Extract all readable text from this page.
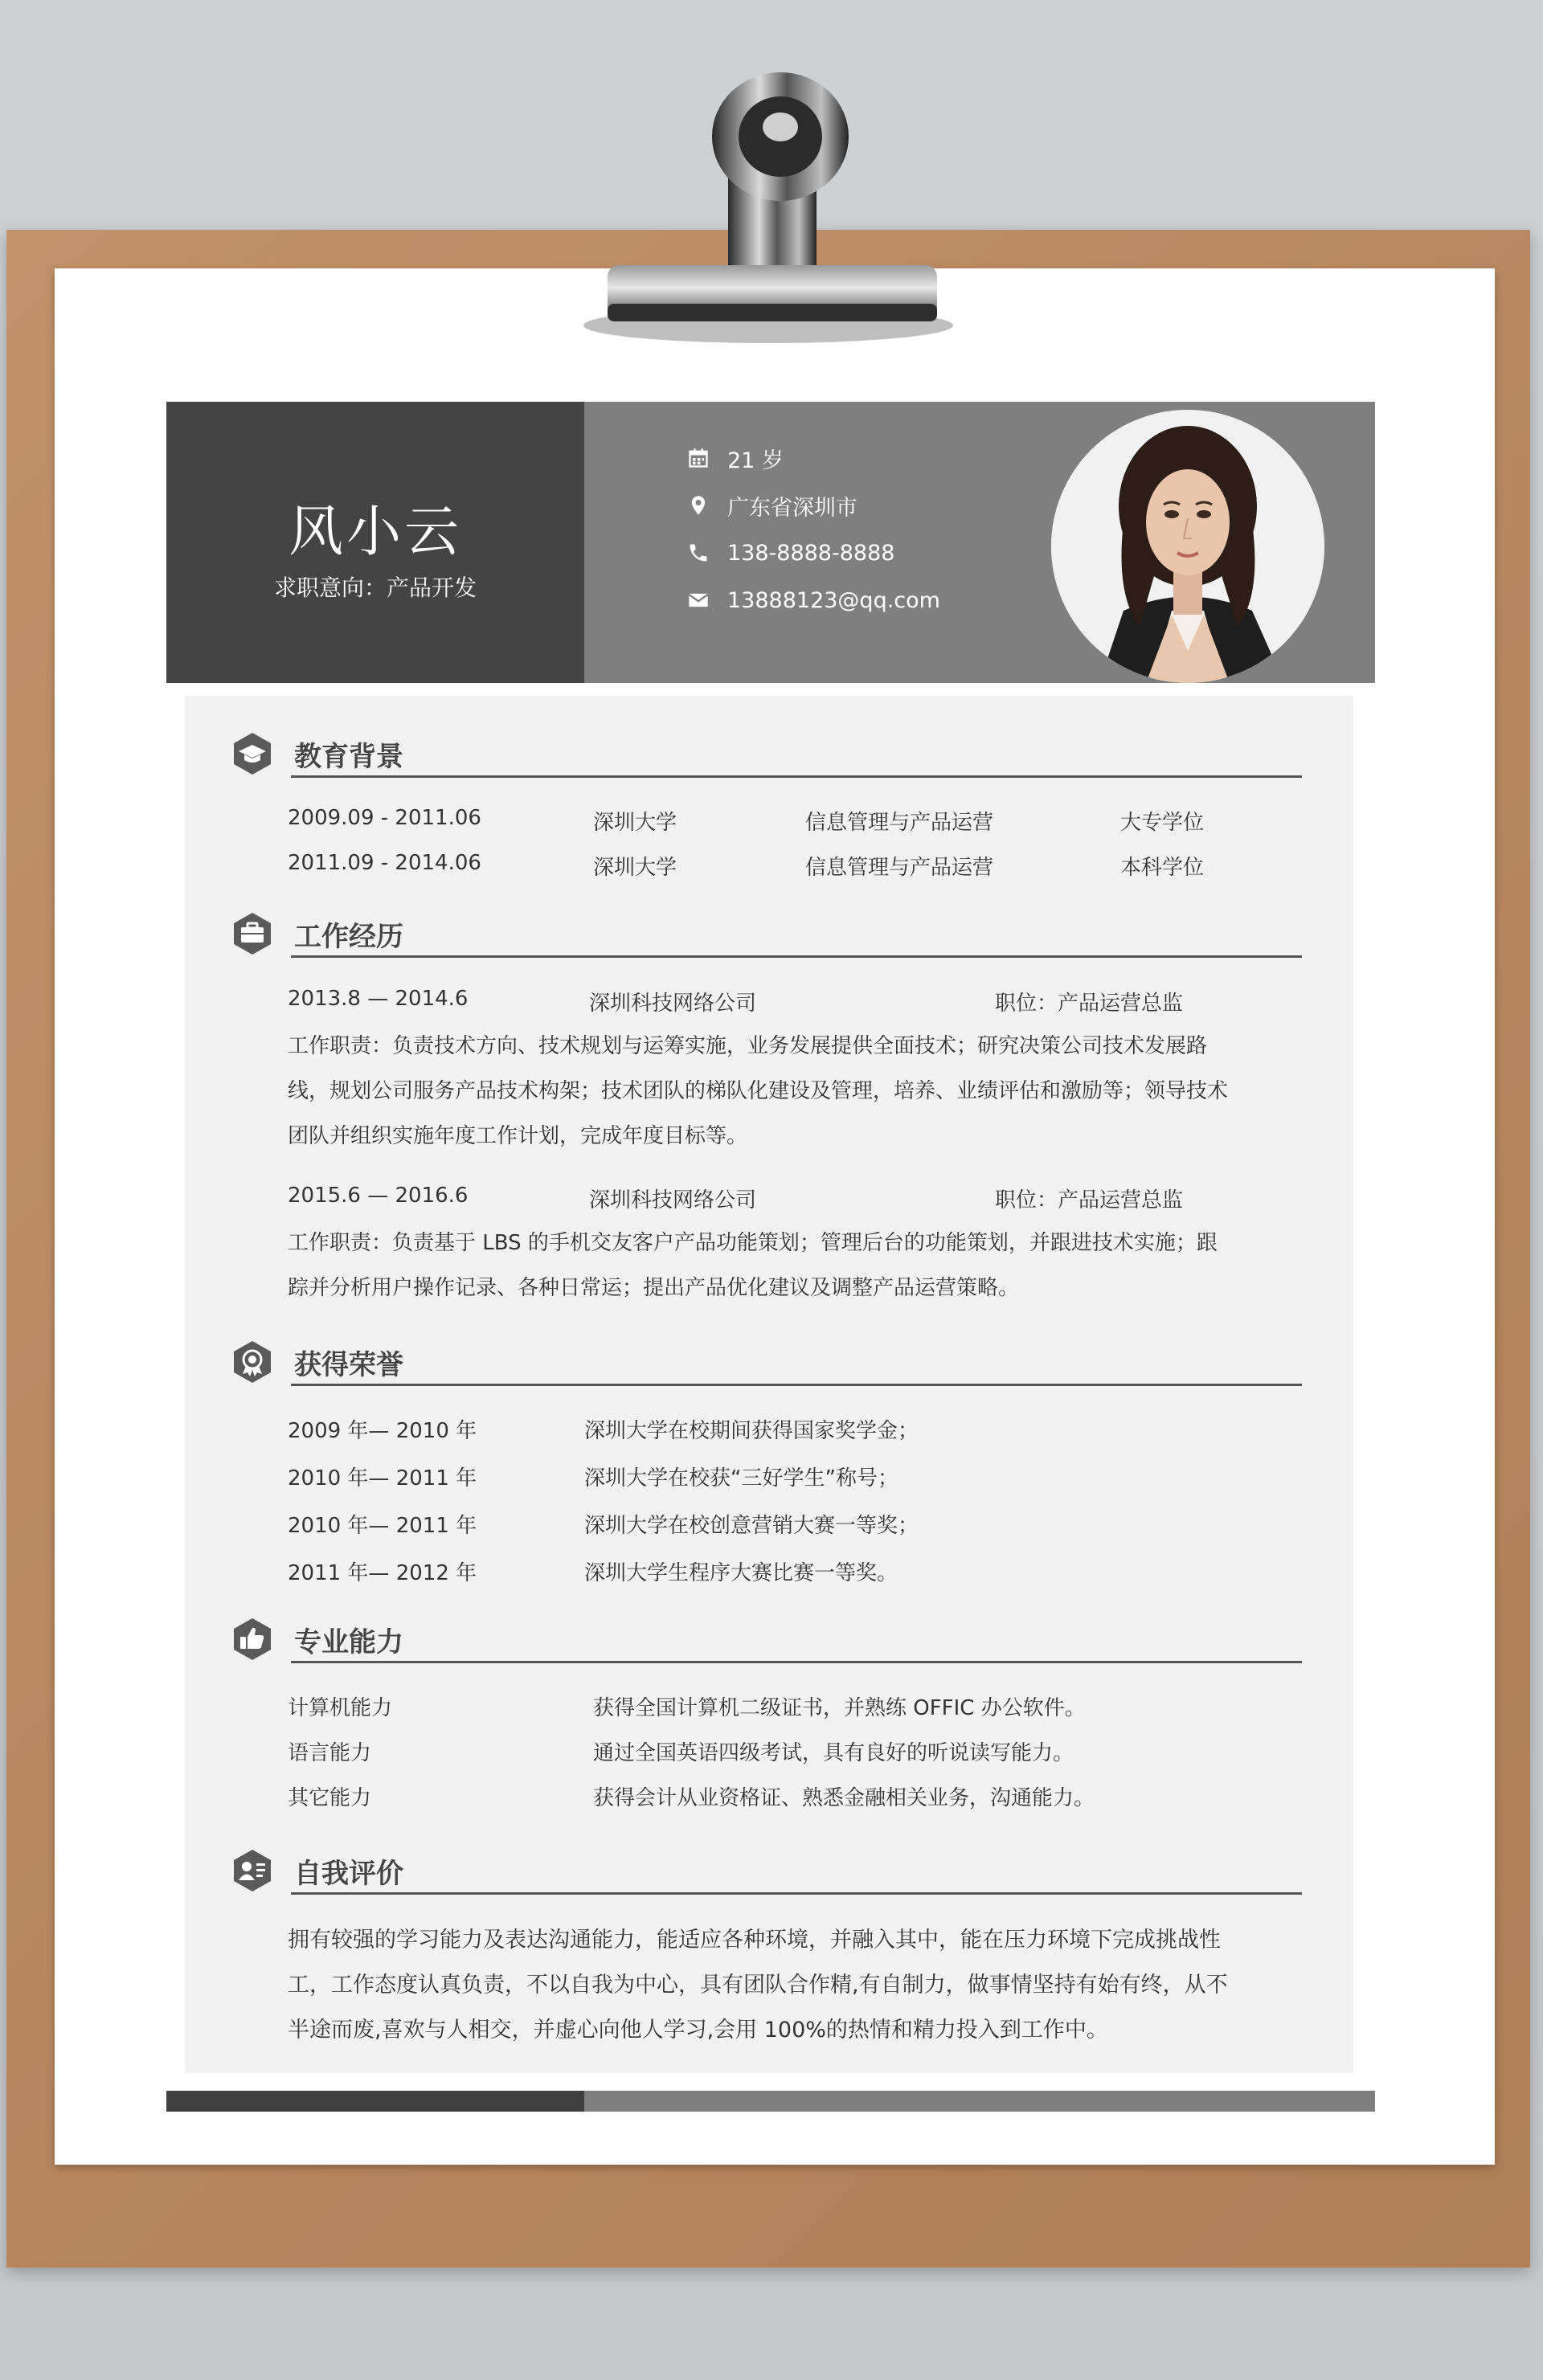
风小云
求职意向：产品开发
21 岁
广东省深圳市
138-8888-8888
13888123@qq.com
教育背景
2009.09 - 2011.06	深圳大学	信息管理与产品运营	大专学位
2011.09 - 2014.06	深圳大学	信息管理与产品运营	本科学位
工作经历
2013.8 — 2014.6	深圳科技网络公司	职位：产品运营总监
工作职责：负责技术方向、技术规划与运筹实施，业务发展提供全面技术；研究决策公司技术发展路线，规划公司服务产品技术构架；技术团队的梯队化建设及管理，培养、业绩评估和激励等；领导技术团队并组织实施年度工作计划，完成年度目标等。
2015.6 — 2016.6	深圳科技网络公司	职位：产品运营总监
工作职责：负责基于 LBS 的手机交友客户产品功能策划；管理后台的功能策划，并跟进技术实施；跟踪并分析用户操作记录、各种日常运；提出产品优化建议及调整产品运营策略。
获得荣誉
2009 年— 2010 年	深圳大学在校期间获得国家奖学金；
2010 年— 2011 年	深圳大学在校获“三好学生”称号；
2010 年— 2011 年	深圳大学在校创意营销大赛一等奖；
2011 年— 2012 年	深圳大学生程序大赛比赛一等奖。
专业能力
计算机能力	获得全国计算机二级证书，并熟练 OFFIC 办公软件。
语言能力	通过全国英语四级考试，具有良好的听说读写能力。
其它能力	获得会计从业资格证、熟悉金融相关业务，沟通能力。
自我评价
拥有较强的学习能力及表达沟通能力，能适应各种环境，并融入其中，能在压力环境下完成挑战性工，工作态度认真负责，不以自我为中心，具有团队合作精,有自制力，做事情坚持有始有终，从不半途而废,喜欢与人相交，并虚心向他人学习,会用 100%的热情和精力投入到工作中。
